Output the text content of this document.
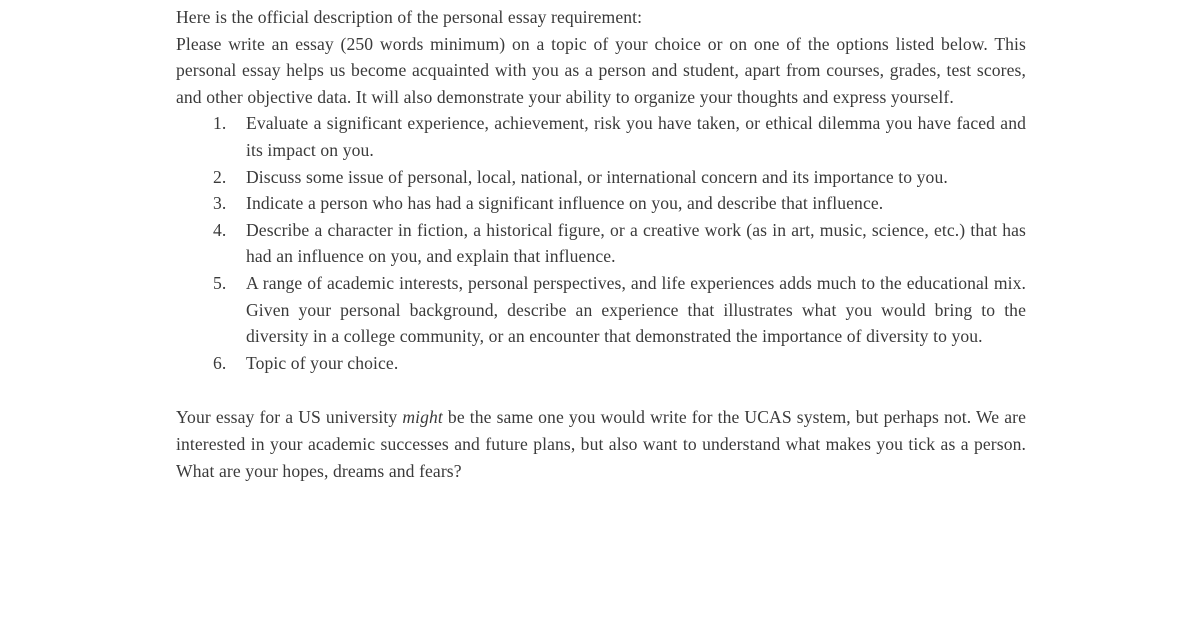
Here is the official description of the personal essay requirement:

Please write an essay (250 words minimum) on a topic of your choice or on one of the options listed below. This personal essay helps us become acquainted with you as a person and student, apart from courses, grades, test scores, and other objective data. It will also demonstrate your ability to organize your thoughts and express yourself.

1.	Evaluate a significant experience, achievement, risk you have taken, or ethical dilemma you have faced and its impact on you.
2.	Discuss some issue of personal, local, national, or international concern and its importance to you.
3.	Indicate a person who has had a significant influence on you, and describe that influence.
4.	Describe a character in fiction, a historical figure, or a creative work (as in art, music, science, etc.) that has had an influence on you, and explain that influence.
5.	A range of academic interests, personal perspectives, and life experiences adds much to the educational mix. Given your personal background, describe an experience that illustrates what you would bring to the diversity in a college community, or an encounter that demonstrated the importance of diversity to you.
6.	Topic of your choice.

Your essay for a US university might be the same one you would write for the UCAS system, but perhaps not. We are interested in your academic successes and future plans, but also want to understand what makes you tick as a person. What are your hopes, dreams and fears?
